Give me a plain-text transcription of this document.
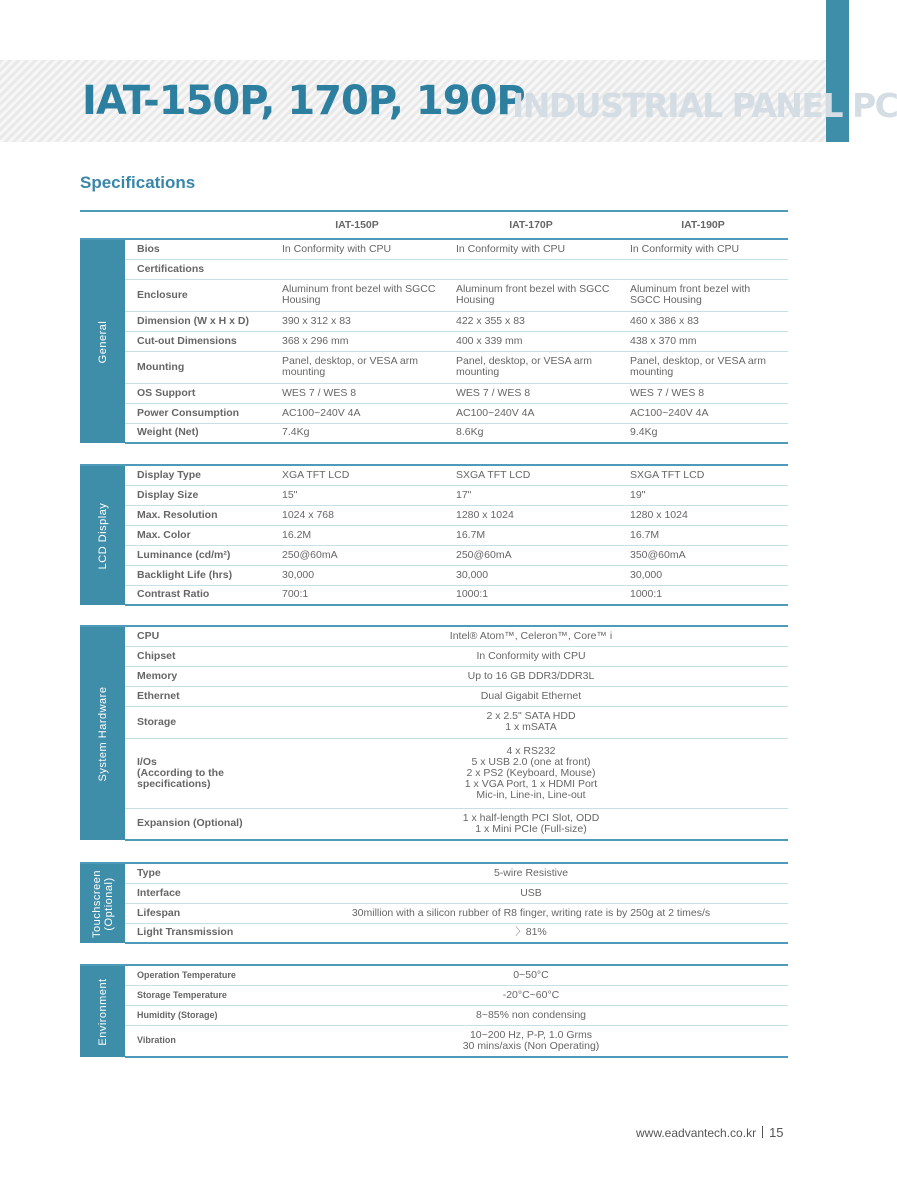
IAT-150P, 170P, 190P
INDUSTRIAL PANEL PC
Specifications
	IAT-150P	IAT-170P	IAT-190P
General	Bios	In Conformity with CPU	In Conformity with CPU	In Conformity with CPU
	Certifications			
	Enclosure	Aluminum front bezel with SGCC Housing	Aluminum front bezel with SGCC Housing	Aluminum front bezel with SGCC Housing
	Dimension (W x H x D)	390 x 312 x 83	422 x 355 x 83	460 x 386 x 83
	Cut-out Dimensions	368 x 296 mm	400 x 339 mm	438 x 370 mm
	Mounting	Panel, desktop, or VESA arm mounting	Panel, desktop, or VESA arm mounting	Panel, desktop, or VESA arm mounting
	OS Support	WES 7 / WES 8	WES 7 / WES 8	WES 7 / WES 8
	Power Consumption	AC100~240V 4A	AC100~240V 4A	AC100~240V 4A
	Weight (Net)	7.4Kg	8.6Kg	9.4Kg
LCD Display	Display Type	XGA TFT LCD	SXGA TFT LCD	SXGA TFT LCD
	Display Size	15"	17"	19"
	Max. Resolution	1024 x 768	1280 x 1024	1280 x 1024
	Max. Color	16.2M	16.7M	16.7M
	Luminance (cd/m²)	250@60mA	250@60mA	350@60mA
	Backlight Life (hrs)	30,000	30,000	30,000
	Contrast Ratio	700:1	1000:1	1000:1
System Hardware	CPU	Intel® Atom™, Celeron™, Core™ i
	Chipset	In Conformity with CPU
	Memory	Up to 16 GB DDR3/DDR3L
	Ethernet	Dual Gigabit Ethernet
	Storage	2 x 2.5" SATA HDD
1 x mSATA
	I/Os
(According to the
specifications)	4 x RS232
5 x USB 2.0 (one at front)
2 x PS2 (Keyboard, Mouse)
1 x VGA Port, 1 x HDMI Port
Mic-in, Line-in, Line-out
	Expansion (Optional)	1 x half-length PCI Slot, ODD
1 x Mini PCIe (Full-size)
Touchscreen (Optional)	Type	5-wire Resistive
	Interface	USB
	Lifespan	30million with a silicon rubber of R8 finger, writing rate is by 250g at 2 times/s
	Light Transmission	〉81%
Environment	Operation Temperature	0~50°C
	Storage Temperature	-20°C~60°C
	Humidity (Storage)	8~85% non condensing
	Vibration	10~200 Hz, P-P, 1.0 Grms
30 mins/axis (Non Operating)
www.eadvantech.co.kr 15
